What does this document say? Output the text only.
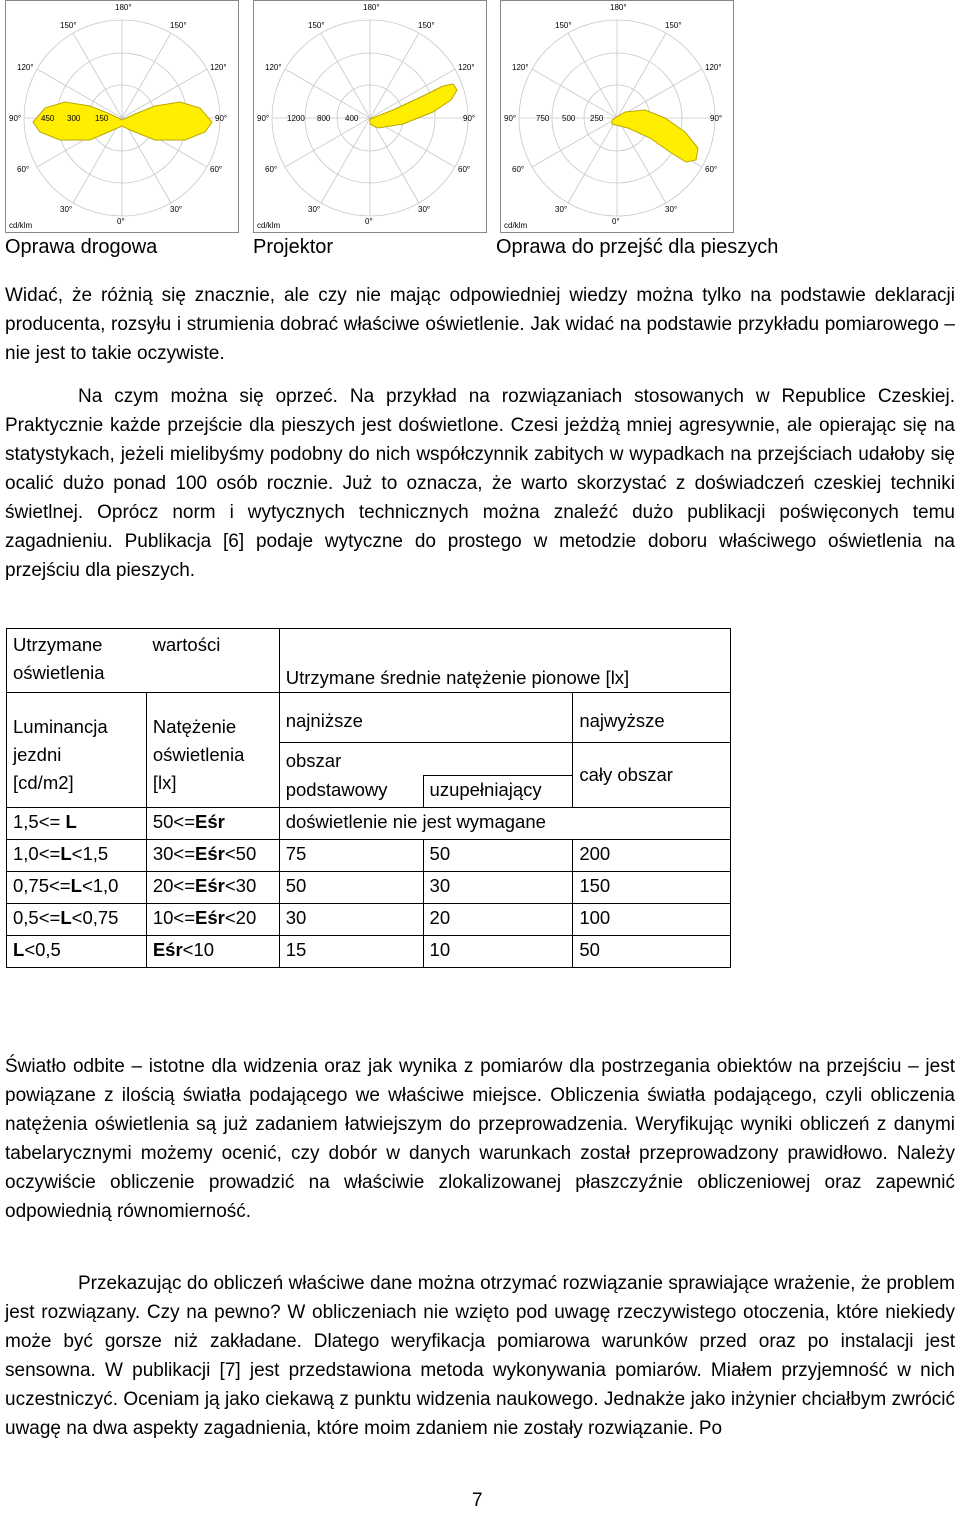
180°
150°	150°
120°	120°
90° 450 300 150	90°
60°	60°
30°	30°
0°
cd/klm
180°
150°	150°
120°	120°
90° 1200 800 400	90°
60°	60°
30°	30°
0°
cd/klm
180°
150°	150°
120°	120°
90° 750 500 250	90°
60°	60°
30°	30°
0°
cd/klm
Oprawa drogowa	Projektor	Oprawa do przejść dla pieszych
Widać, że różnią się znacznie, ale czy nie mając odpowiedniej wiedzy można tylko na podstawie deklaracji producenta, rozsyłu i strumienia dobrać właściwe oświetlenie. Jak widać na podstawie przykładu pomiarowego – nie jest to takie oczywiste.
Na czym można się oprzeć. Na przykład na rozwiązaniach stosowanych w Republice Czeskiej. Praktycznie każde przejście dla pieszych jest doświetlone. Czesi jeżdżą mniej agresywnie, ale opierając się na statystykach, jeżeli mielibyśmy podobny do nich współczynnik zabitych w wypadkach na przejściach udałoby się ocalić dużo ponad 100 osób rocznie. Już to oznacza, że warto skorzystać z doświadczeń czeskiej techniki świetlnej. Oprócz norm i wytycznych technicznych można znaleźć dużo publikacji poświęconych temu zagadnieniu. Publikacja [6] podaje wytyczne do prostego w metodzie doboru właściwego oświetlenia na przejściu dla pieszych.
Utrzymane wartości
oświetlenia		Utrzymane średnie natężenie pionowe [lx]		
Luminancja
jezdni
[cd/m2]	Natężenie
oświetlenia
[lx]	najniższe		najwyższe
		obszar		cały obszar
		podstawowy	uzupełniający	
1,5<= L	50<=Eśr	doświetlenie nie jest wymagane		
1,0<=L<1,5	30<=Eśr<50	75	50	200
0,75<=L<1,0	20<=Eśr<30	50	30	150
0,5<=L<0,75	10<=Eśr<20	30	20	100
L<0,5	Eśr<10	15	10	50
Światło odbite – istotne dla widzenia oraz jak wynika z pomiarów dla postrzegania obiektów na przejściu – jest powiązane z ilością światła podającego we właściwe miejsce. Obliczenia światła podającego, czyli obliczenia natężenia oświetlenia są już zadaniem łatwiejszym do przeprowadzenia. Weryfikując wyniki obliczeń z danymi tabelarycznymi możemy ocenić, czy dobór w danych warunkach został przeprowadzony prawidłowo. Należy oczywiście obliczenie prowadzić na właściwie zlokalizowanej płaszczyźnie obliczeniowej oraz zapewnić odpowiednią równomierność.
Przekazując do obliczeń właściwe dane można otrzymać rozwiązanie sprawiające wrażenie, że problem jest rozwiązany. Czy na pewno? W obliczeniach nie wzięto pod uwagę rzeczywistego otoczenia, które niekiedy może być gorsze niż zakładane. Dlatego weryfikacja pomiarowa warunków przed oraz po instalacji jest sensowna. W publikacji [7] jest przedstawiona metoda wykonywania pomiarów. Miałem przyjemność w nich uczestniczyć. Oceniam ją jako ciekawą z punktu widzenia naukowego. Jednakże jako inżynier chciałbym zwrócić uwagę na dwa aspekty zagadnienia, które moim zdaniem nie zostały rozwiązanie. Po
7
